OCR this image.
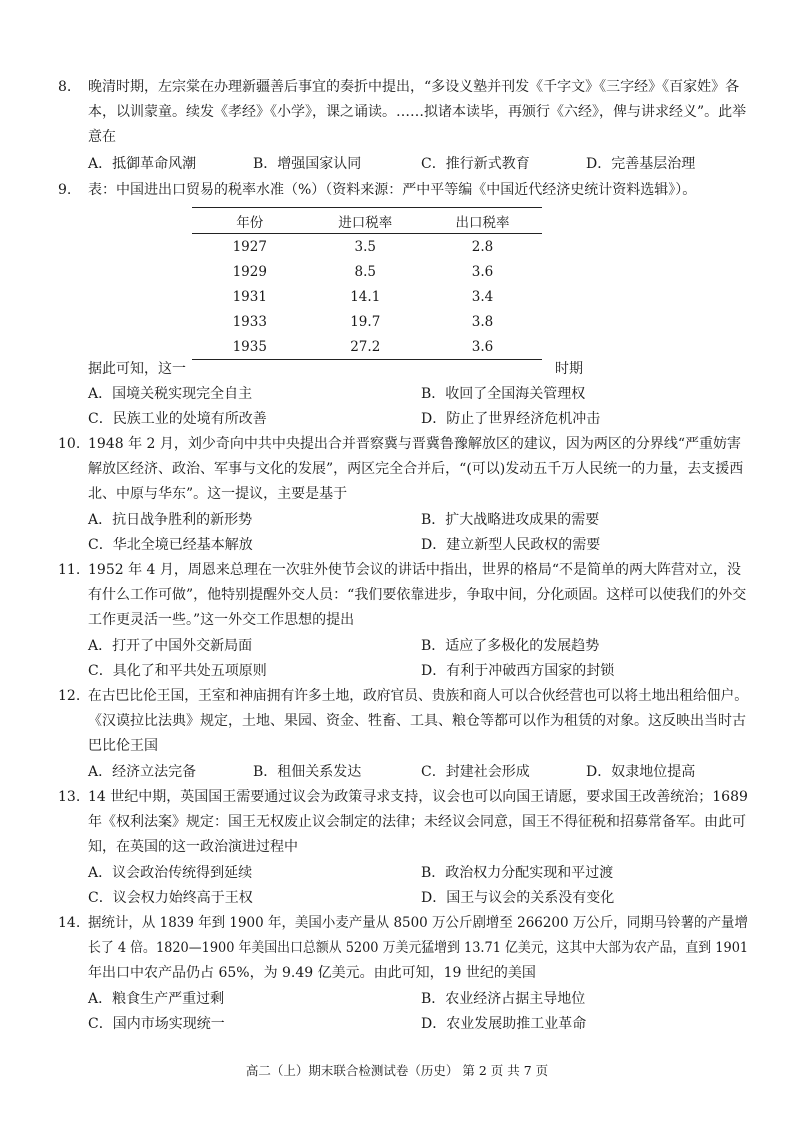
8. 晚清时期，左宗棠在办理新疆善后事宜的奏折中提出，“多设义塾并刊发《千字文》《三字经》《百家姓》各
本，以训蒙童。续发《孝经》《小学》，课之诵读。……拟诸本读毕，再颁行《六经》，俾与讲求经义”。此举
意在
A．抵御革命风潮	B．增强国家认同	C．推行新式教育	D．完善基层治理
9. 表：中国进出口贸易的税率水准（%）（资料来源：严中平等编《中国近代经济史统计资料选辑》）。
年份	进口税率	出口税率
1927	3.5	2.8
1929	8.5	3.6
1931	14.1	3.4
1933	19.7	3.8
1935	27.2	3.6
据此可知，这一	时期
A．国境关税实现完全自主	B．收回了全国海关管理权
C．民族工业的处境有所改善	D．防止了世界经济危机冲击
10. 1948 年 2 月，刘少奇向中共中央提出合并晋察冀与晋冀鲁豫解放区的建议，因为两区的分界线“严重妨害
解放区经济、政治、军事与文化的发展”，两区完全合并后，“(可以)发动五千万人民统一的力量，去支援西
北、中原与华东”。这一提议，主要是基于
A．抗日战争胜利的新形势	B．扩大战略进攻成果的需要
C．华北全境已经基本解放	D．建立新型人民政权的需要
11. 1952 年 4 月，周恩来总理在一次驻外使节会议的讲话中指出，世界的格局“不是简单的两大阵营对立，没
有什么工作可做”，他特别提醒外交人员：“我们要依靠进步，争取中间，分化顽固。这样可以使我们的外交
工作更灵活一些。”这一外交工作思想的提出
A．打开了中国外交新局面	B．适应了多极化的发展趋势
C．具化了和平共处五项原则	D．有利于冲破西方国家的封锁
12. 在古巴比伦王国，王室和神庙拥有许多土地，政府官员、贵族和商人可以合伙经营也可以将土地出租给佃户。
《汉谟拉比法典》规定，土地、果园、资金、牲畜、工具、粮仓等都可以作为租赁的对象。这反映出当时古
巴比伦王国
A．经济立法完备	B．租佃关系发达	C．封建社会形成	D．奴隶地位提高
13. 14 世纪中期，英国国王需要通过议会为政策寻求支持，议会也可以向国王请愿，要求国王改善统治；1689
年《权利法案》规定：国王无权废止议会制定的法律；未经议会同意，国王不得征税和招募常备军。由此可
知，在英国的这一政治演进过程中
A．议会政治传统得到延续	B．政治权力分配实现和平过渡
C．议会权力始终高于王权	D．国王与议会的关系没有变化
14. 据统计，从 1839 年到 1900 年，美国小麦产量从 8500 万公斤剧增至 266200 万公斤，同期马铃薯的产量增
长了 4 倍。1820—1900 年美国出口总额从 5200 万美元猛增到 13.71 亿美元，这其中大部为农产品，直到 1901
年出口中农产品仍占 65%，为 9.49 亿美元。由此可知，19 世纪的美国
A．粮食生产严重过剩	B．农业经济占据主导地位
C．国内市场实现统一	D．农业发展助推工业革命
高二（上）期末联合检测试卷（历史） 第 2 页 共 7 页
